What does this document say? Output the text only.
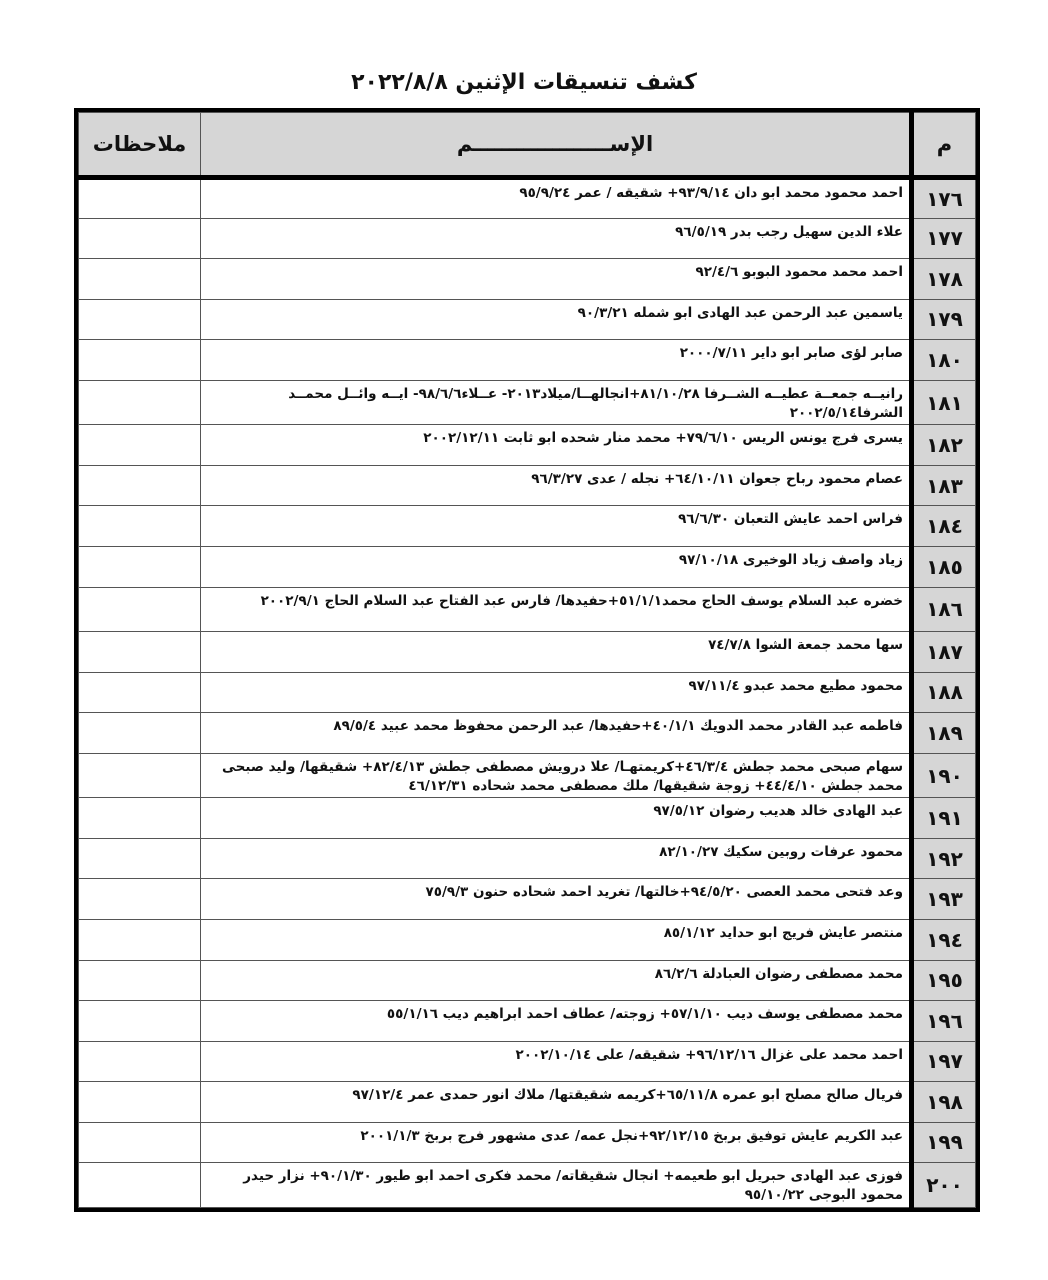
كشف تنسيقات الإثنين ٢٠٢٢/٨/٨
م	الإســـــــــــــــــــم	ملاحظات
١٧٦	احمد محمود محمد ابو دان ٩٣/٩/١٤+ شقيقه / عمر ٩٥/٩/٢٤	
١٧٧	علاء الدين سهيل رجب بدر ٩٦/٥/١٩	
١٧٨	احمد محمد محمود البوبو ٩٢/٤/٦	
١٧٩	ياسمين عبد الرحمن عبد الهادى ابو شمله ٩٠/٣/٢١	
١٨٠	صابر لؤى صابر ابو داير ٢٠٠٠/٧/١١	
١٨١	رانيــه جمعــة عطيــه الشــرفا ٨١/١٠/٢٨+انجالهــا/ميلاد٢٠١٣- عــلاء٩٨/٦/٦- ايــه وائــل محمــد الشرفا٢٠٠٢/٥/١٤	
١٨٢	يسرى فرج يونس الريس ٧٩/٦/١٠+ محمد منار شحده ابو ثابت ٢٠٠٢/١٢/١١	
١٨٣	عصام محمود رباح جعوان ٦٤/١٠/١١+ نجله / عدى ٩٦/٣/٢٧	
١٨٤	فراس احمد عايش التعبان ٩٦/٦/٣٠	
١٨٥	زياد واصف زياد الوخيرى ٩٧/١٠/١٨	
١٨٦	خضره عبد السلام يوسف الحاج محمد٥١/١/١+حفيدها/ فارس عبد الفتاح عبد السلام الحاج ٢٠٠٢/٩/١	
١٨٧	سها محمد جمعة الشوا ٧٤/٧/٨	
١٨٨	محمود مطيع محمد عبدو ٩٧/١١/٤	
١٨٩	فاطمه عبد القادر محمد الدويك ٤٠/١/١+حفيدها/ عبد الرحمن محفوظ محمد عبيد ٨٩/٥/٤	
١٩٠	سهام صبحى محمد جطش ٤٦/٣/٤+كريمتهـا/ علا درويش مصطفى جطش ٨٢/٤/١٣+ شقيقها/ وليد صبحى محمد جطش ٤٤/٤/١٠+ زوجة شقيقها/ ملك مصطفى محمد شحاده ٤٦/١٢/٣١	
١٩١	عبد الهادى خالد هديب رضوان ٩٧/٥/١٢	
١٩٢	محمود عرفات روبين سكيك ٨٢/١٠/٢٧	
١٩٣	وعد فتحى محمد العصى ٩٤/٥/٢٠+خالتها/ تغريد احمد شحاده حنون ٧٥/٩/٣	
١٩٤	منتصر عايش فريج ابو حدايد ٨٥/١/١٢	
١٩٥	محمد مصطفى رضوان العبادلة ٨٦/٢/٦	
١٩٦	محمد مصطفى يوسف ديب ٥٧/١/١٠+ زوجته/ عطاف احمد ابراهيم ديب ٥٥/١/١٦	
١٩٧	احمد محمد على غزال ٩٦/١٢/١٦+ شقيقه/ على ٢٠٠٢/١٠/١٤	
١٩٨	فريال صالح مصلح ابو عمره ٦٥/١١/٨+كريمه شقيقتها/ ملاك انور حمدى عمر ٩٧/١٢/٤	
١٩٩	عبد الكريم عايش توفيق بربخ ٩٢/١٢/١٥+نجل عمه/ عدى مشهور فرج بربخ ٢٠٠١/١/٣	
٢٠٠	فوزى عبد الهادى حبريل ابو طعيمه+ انجال شقيقاته/ محمد فكرى احمد ابو طيور ٩٠/١/٣٠+ نزار حيدر محمود البوجى ٩٥/١٠/٢٢	
